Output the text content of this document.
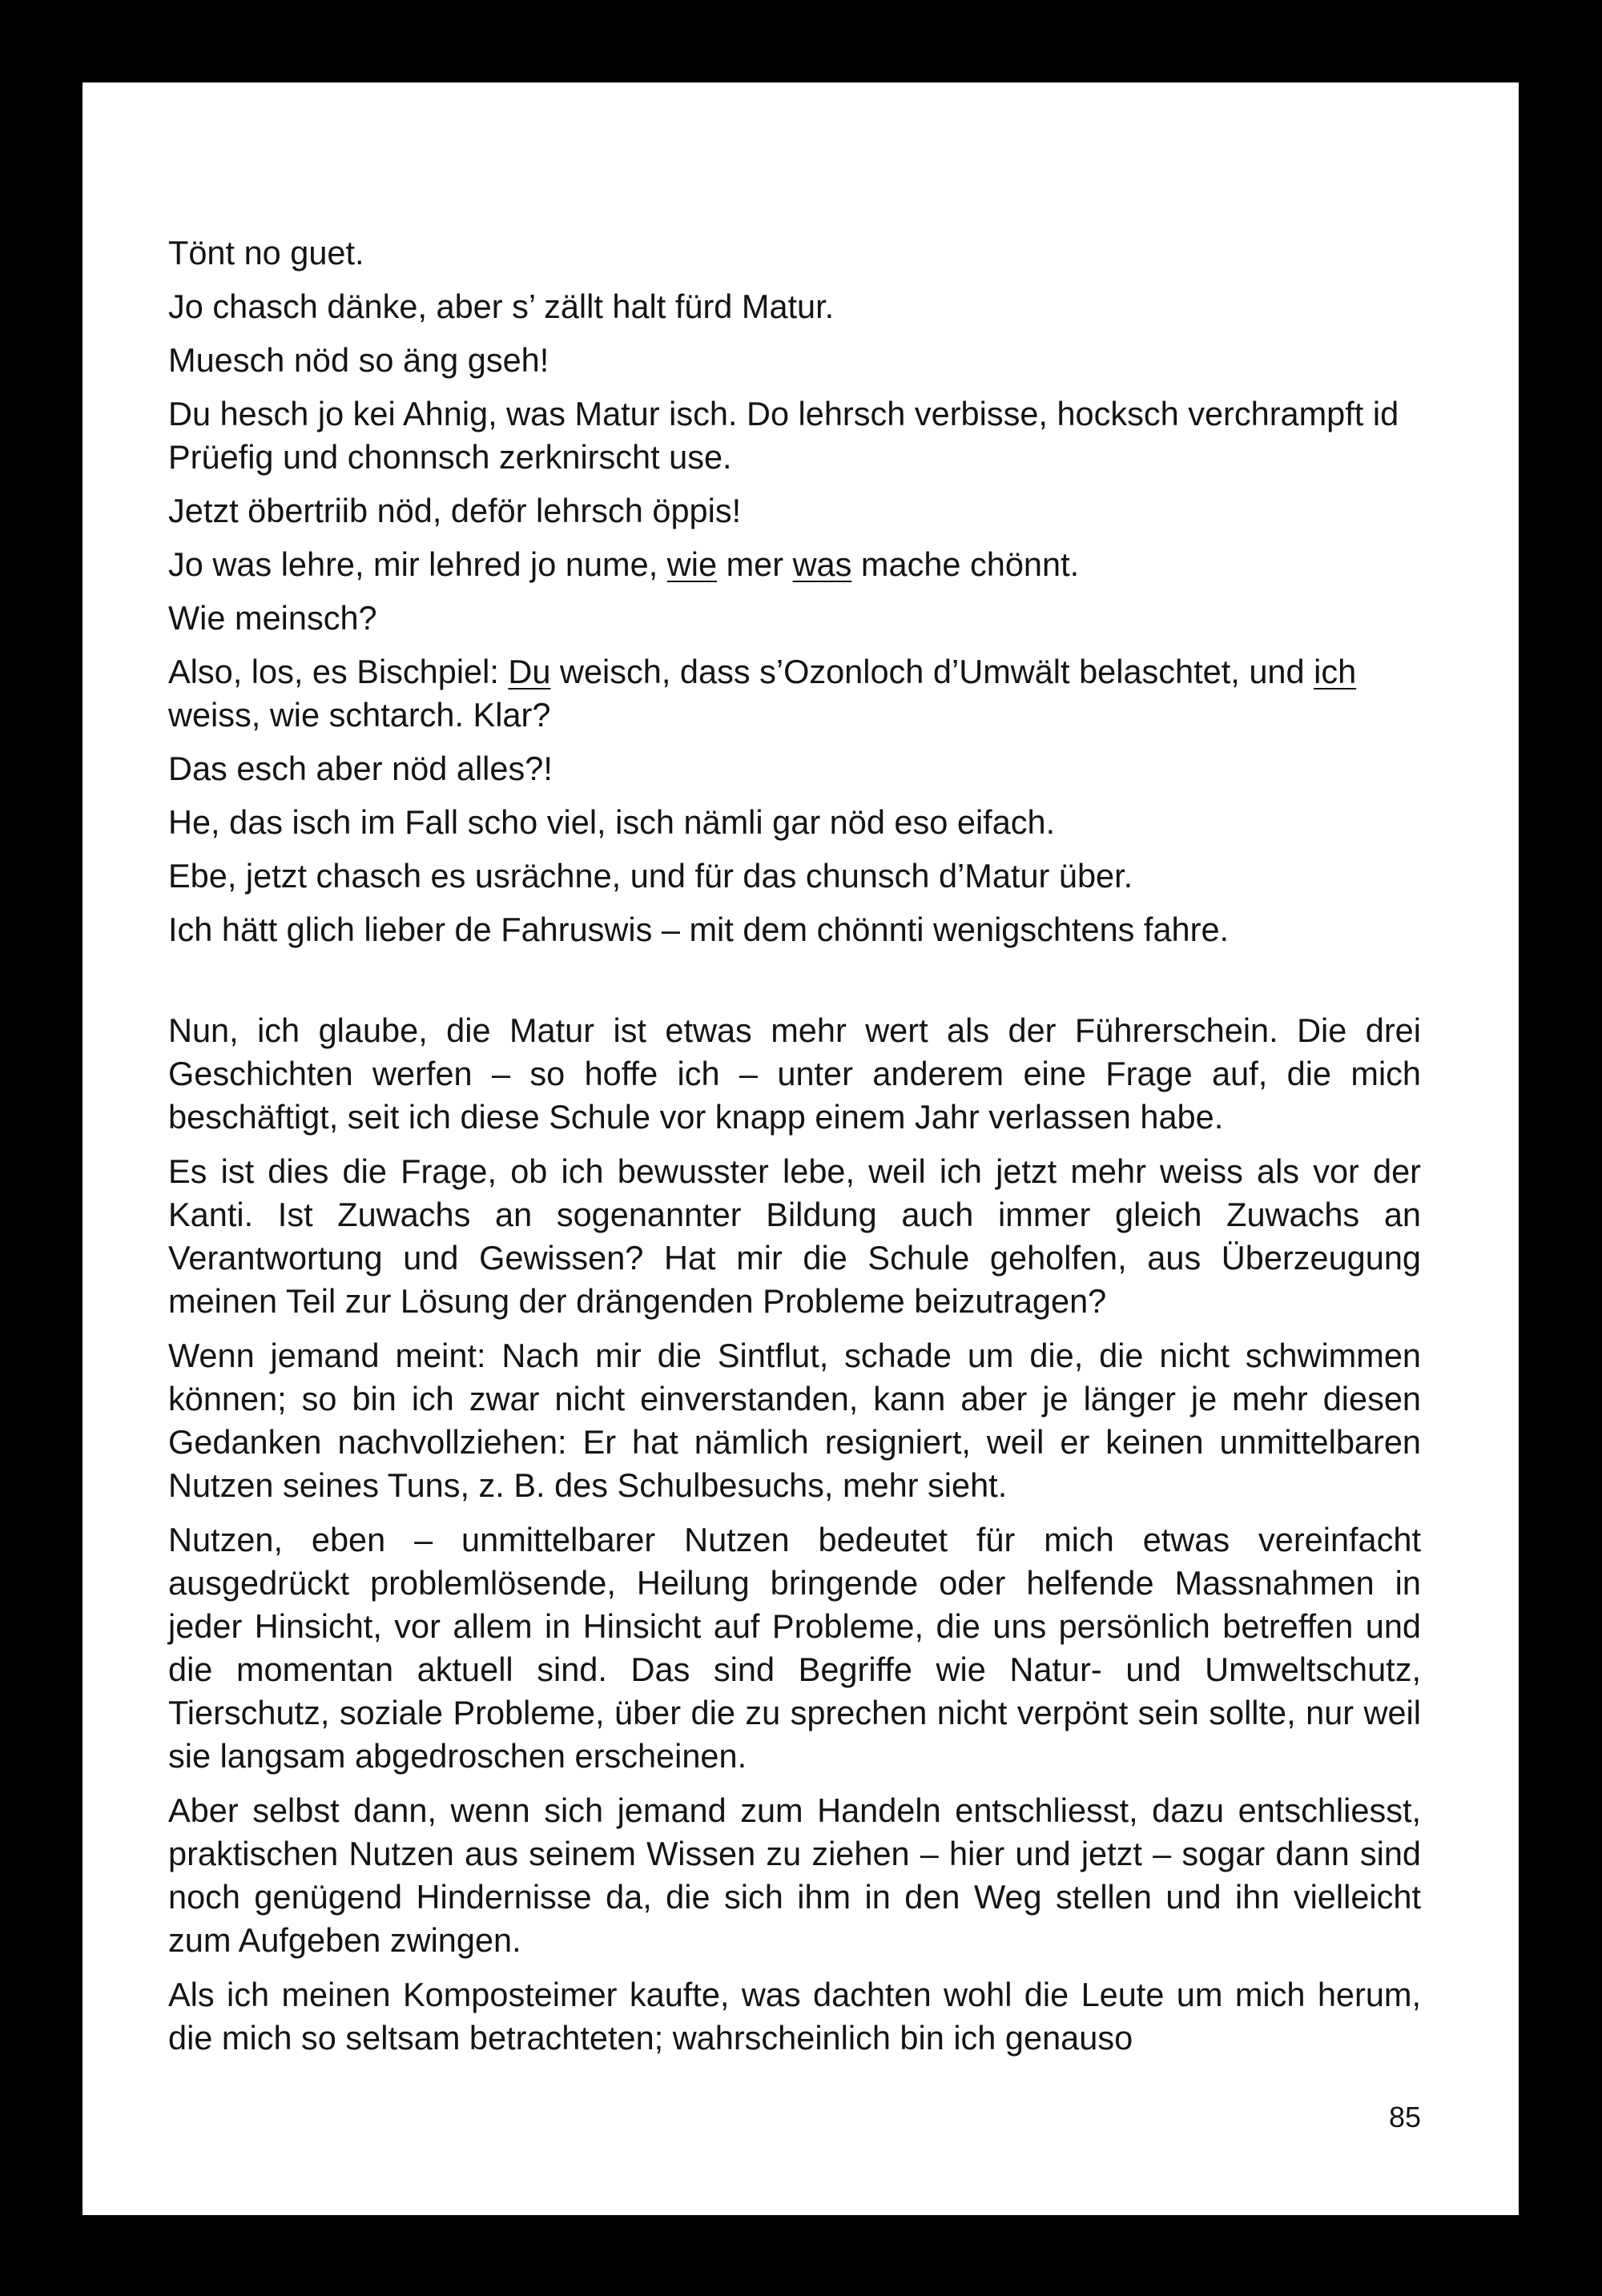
Tönt no guet.

Jo chasch dänke, aber s’ zällt halt fürd Matur.

Muesch nöd so äng gseh!

Du hesch jo kei Ahnig, was Matur isch. Do lehrsch verbisse, hocksch verchrampft id Prüefig und chonnsch zerknirscht use.

Jetzt öbertriib nöd, deför lehrsch öppis!

Jo was lehre, mir lehred jo nume, wie mer was mache chönnt.

Wie meinsch?

Also, los, es Bischpiel: Du weisch, dass s’Ozonloch d’Umwält belaschtet, und ich weiss, wie schtarch. Klar?

Das esch aber nöd alles?!

He, das isch im Fall scho viel, isch nämli gar nöd eso eifach.

Ebe, jetzt chasch es usrächne, und für das chunsch d’Matur über.

Ich hätt glich lieber de Fahruswis – mit dem chönnti wenigschtens fahre.

Nun, ich glaube, die Matur ist etwas mehr wert als der Führerschein. Die drei Geschichten werfen – so hoffe ich – unter anderem eine Frage auf, die mich beschäftigt, seit ich diese Schule vor knapp einem Jahr verlassen habe.

Es ist dies die Frage, ob ich bewusster lebe, weil ich jetzt mehr weiss als vor der Kanti. Ist Zuwachs an sogenannter Bildung auch immer gleich Zuwachs an Verantwortung und Gewissen? Hat mir die Schule geholfen, aus Überzeugung meinen Teil zur Lösung der drängenden Probleme beizutragen?

Wenn jemand meint: Nach mir die Sintflut, schade um die, die nicht schwimmen können; so bin ich zwar nicht einverstanden, kann aber je länger je mehr diesen Gedanken nachvollziehen: Er hat nämlich resigniert, weil er keinen unmittelbaren Nutzen seines Tuns, z. B. des Schulbesuchs, mehr sieht.

Nutzen, eben – unmittelbarer Nutzen bedeutet für mich etwas vereinfacht ausgedrückt problemlösende, Heilung bringende oder helfende Massnahmen in jeder Hinsicht, vor allem in Hinsicht auf Probleme, die uns persönlich betreffen und die momentan aktuell sind. Das sind Begriffe wie Natur- und Umweltschutz, Tierschutz, soziale Probleme, über die zu sprechen nicht verpönt sein sollte, nur weil sie langsam abgedroschen erscheinen.

Aber selbst dann, wenn sich jemand zum Handeln entschliesst, dazu entschliesst, praktischen Nutzen aus seinem Wissen zu ziehen – hier und jetzt – sogar dann sind noch genügend Hindernisse da, die sich ihm in den Weg stellen und ihn vielleicht zum Aufgeben zwingen.

Als ich meinen Komposteimer kaufte, was dachten wohl die Leute um mich herum, die mich so seltsam betrachteten; wahrscheinlich bin ich genauso

85
